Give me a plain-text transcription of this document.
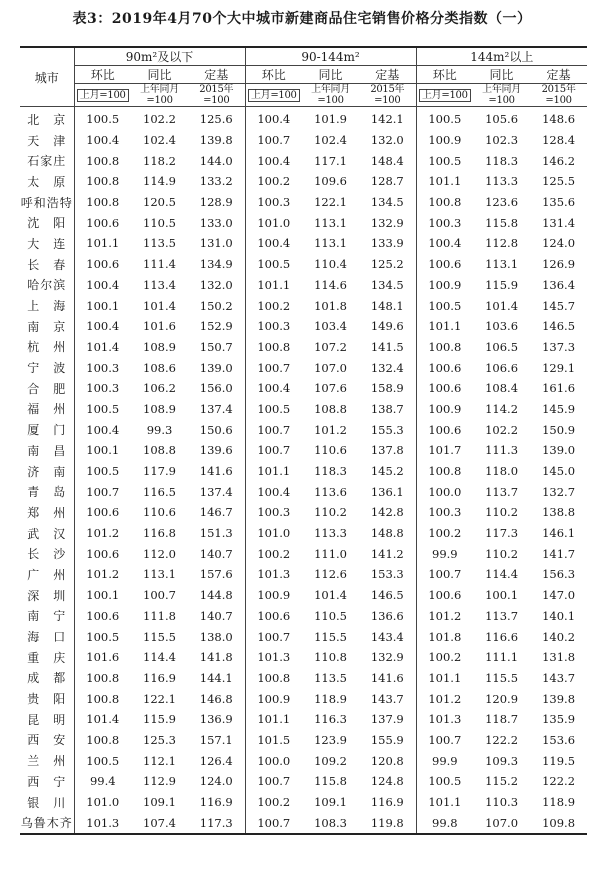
表3：2019年4月70个大中城市新建商品住宅销售价格分类指数（一）
城市	90m²及以下			90-144m²			144m²以上		
	环比	同比	定基	环比	同比	定基	环比	同比	定基
	上月=100	上年同月=100	2015年=100	上月=100	上年同月=100	2015年=100	上月=100	上年同月=100	2015年=100
北　京	100.5	102.2	125.6	100.4	101.9	142.1	100.5	105.6	148.6
天　津	100.4	102.4	139.8	100.7	102.4	132.0	100.9	102.3	128.4
石家庄	100.8	118.2	144.0	100.4	117.1	148.4	100.5	118.3	146.2
太　原	100.8	114.9	133.2	100.2	109.6	128.7	101.1	113.3	125.5
呼和浩特	100.8	120.5	128.9	100.3	122.1	134.5	100.8	123.6	135.6
沈　阳	100.6	110.5	133.0	101.0	113.1	132.9	100.3	115.8	131.4
大　连	101.1	113.5	131.0	100.4	113.1	133.9	100.4	112.8	124.0
长　春	100.6	111.4	134.9	100.5	110.4	125.2	100.6	113.1	126.9
哈尔滨	100.4	113.4	132.0	101.1	114.6	134.5	100.9	115.9	136.4
上　海	100.1	101.4	150.2	100.2	101.8	148.1	100.5	101.4	145.7
南　京	100.4	101.6	152.9	100.3	103.4	149.6	101.1	103.6	146.5
杭　州	101.4	108.9	150.7	100.8	107.2	141.5	100.8	106.5	137.3
宁　波	100.3	108.6	139.0	100.7	107.0	132.4	100.6	106.6	129.1
合　肥	100.3	106.2	156.0	100.4	107.6	158.9	100.6	108.4	161.6
福　州	100.5	108.9	137.4	100.5	108.8	138.7	100.9	114.2	145.9
厦　门	100.4	99.3	150.6	100.7	101.2	155.3	100.6	102.2	150.9
南　昌	100.1	108.8	139.6	100.7	110.6	137.8	101.7	111.3	139.0
济　南	100.5	117.9	141.6	101.1	118.3	145.2	100.8	118.0	145.0
青　岛	100.7	116.5	137.4	100.4	113.6	136.1	100.0	113.7	132.7
郑　州	100.6	110.6	146.7	100.3	110.2	142.8	100.3	110.2	138.8
武　汉	101.2	116.8	151.3	101.0	113.3	148.8	100.2	117.3	146.1
长　沙	100.6	112.0	140.7	100.2	111.0	141.2	99.9	110.2	141.7
广　州	101.2	113.1	157.6	101.3	112.6	153.3	100.7	114.4	156.3
深　圳	100.1	100.7	144.8	100.9	101.4	146.5	100.6	100.1	147.0
南　宁	100.6	111.8	140.7	100.6	110.5	136.6	101.2	113.7	140.1
海　口	100.5	115.5	138.0	100.7	115.5	143.4	101.8	116.6	140.2
重　庆	101.6	114.4	141.8	101.3	110.8	132.9	100.2	111.1	131.8
成　都	100.8	116.9	144.1	100.8	113.5	141.6	101.1	115.5	143.7
贵　阳	100.8	122.1	146.8	100.9	118.9	143.7	101.2	120.9	139.8
昆　明	101.4	115.9	136.9	101.1	116.3	137.9	101.3	118.7	135.9
西　安	100.8	125.3	157.1	101.5	123.9	155.9	100.7	122.2	153.6
兰　州	100.5	112.1	126.4	100.0	109.2	120.8	99.9	109.3	119.5
西　宁	99.4	112.9	124.0	100.7	115.8	124.8	100.5	115.2	122.2
银　川	101.0	109.1	116.9	100.2	109.1	116.9	101.1	110.3	118.9
乌鲁木齐	101.3	107.4	117.3	100.7	108.3	119.8	99.8	107.0	109.8
